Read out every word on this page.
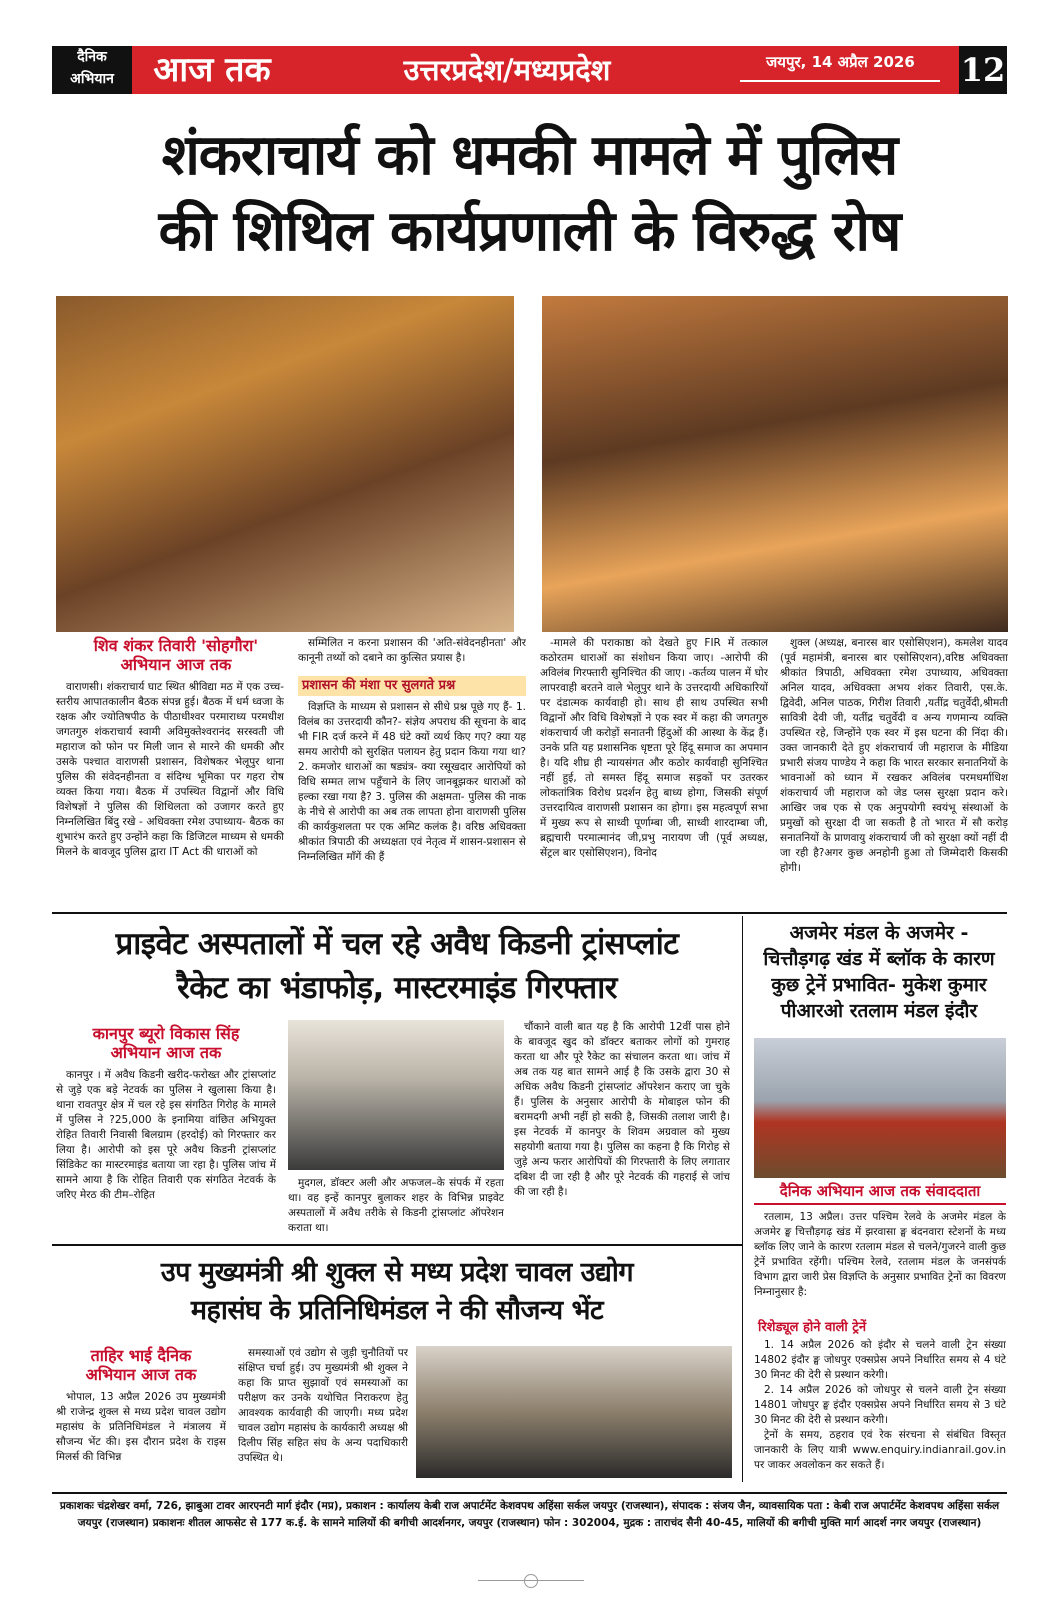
दैनिक
अभियान	आज तक	उत्तरप्रदेश/मध्यप्रदेश	जयपुर, 14 अप्रैल 2026	12
शंकराचार्य को धमकी मामले में पुलिस
की शिथिल कार्यप्रणाली के विरुद्ध रोष
शिव शंकर तिवारी 'सोहगौरा'
अभियान आज तक

वाराणसी। शंकराचार्य घाट स्थित श्रीविद्या मठ में एक उच्च-स्तरीय आपातकालीन बैठक संपन्न हुई। बैठक में धर्म ध्वजा के रक्षक और ज्योतिषपीठ के पीठाधीश्वर परमाराध्य परमधीश जगतगुरु शंकराचार्य स्वामी अविमुक्तेश्वरानंद सरस्वती जी महाराज को फोन पर मिली जान से मारने की धमकी और उसके पश्चात वाराणसी प्रशासन, विशेषकर भेलूपुर थाना पुलिस की संवेदनहीनता व संदिग्ध भूमिका पर गहरा रोष व्यक्त किया गया। बैठक में उपस्थित विद्वानों और विधि विशेषज्ञों ने पुलिस की शिथिलता को उजागर करते हुए निम्नलिखित बिंदु रखे - अधिवक्ता रमेश उपाध्याय- बैठक का शुभारंभ करते हुए उन्होंने कहा कि डिजिटल माध्यम से धमकी मिलने के बावजूद पुलिस द्वारा IT Act की धाराओं को

सम्मिलित न करना प्रशासन की 'अति-संवेदनहीनता' और कानूनी तथ्यों को दबाने का कुत्सित प्रयास है।

प्रशासन की मंशा पर सुलगते प्रश्न

विज्ञप्ति के माध्यम से प्रशासन से सीधे प्रश्न पूछे गए हैं- 1. विलंब का उत्तरदायी कौन?- संज्ञेय अपराध की सूचना के बाद भी FIR दर्ज करने में 48 घंटे क्यों व्यर्थ किए गए? क्या यह समय आरोपी को सुरक्षित पलायन हेतु प्रदान किया गया था? 2. कमजोर धाराओं का षड्यंत्र- क्या रसूखदार आरोपियों को विधि सम्मत लाभ पहुँचाने के लिए जानबूझकर धाराओं को हल्का रखा गया है? 3. पुलिस की अक्षमता- पुलिस की नाक के नीचे से आरोपी का अब तक लापता होना वाराणसी पुलिस की कार्यकुशलता पर एक अमिट कलंक है। वरिष्ठ अधिवक्ता श्रीकांत त्रिपाठी की अध्यक्षता एवं नेतृत्व में शासन-प्रशासन से निम्नलिखित माँगें की हैं

-मामले की पराकाष्ठा को देखते हुए FIR में तत्काल कठोरतम धाराओं का संशोधन किया जाए। -आरोपी की अविलंब गिरफ्तारी सुनिश्चित की जाए। -कर्तव्य पालन में घोर लापरवाही बरतने वाले भेलूपुर थाने के उत्तरदायी अधिकारियों पर दंडात्मक कार्यवाही हो। साथ ही साथ उपस्थित सभी विद्वानों और विधि विशेषज्ञों ने एक स्वर में कहा की जगतगुरु शंकराचार्य जी करोड़ों सनातनी हिंदुओं की आस्था के केंद्र हैं। उनके प्रति यह प्रशासनिक धृष्टता पूरे हिंदू समाज का अपमान है। यदि शीघ्र ही न्यायसंगत और कठोर कार्यवाही सुनिश्चित नहीं हुई, तो समस्त हिंदू समाज सड़कों पर उतरकर लोकतांत्रिक विरोध प्रदर्शन हेतु बाध्य होगा, जिसकी संपूर्ण उत्तरदायित्व वाराणसी प्रशासन का होगा। इस महत्वपूर्ण सभा में मुख्य रूप से साध्वी पूर्णाम्बा जी, साध्वी शारदाम्बा जी, ब्रह्मचारी परमात्मानंद जी,प्रभु नारायण जी (पूर्व अध्यक्ष, सेंट्रल बार एसोसिएशन), विनोद

शुक्ल (अध्यक्ष, बनारस बार एसोसिएशन), कमलेश यादव (पूर्व महामंत्री, बनारस बार एसोसिएशन),वरिष्ठ अधिवक्ता श्रीकांत त्रिपाठी, अधिवक्ता रमेश उपाध्याय, अधिवक्ता अनिल यादव, अधिवक्ता अभय शंकर तिवारी, एस.के. द्विवेदी, अनिल पाठक, गिरीश तिवारी ,यतींद्र चतुर्वेदी,श्रीमती सावित्री देवी जी, यतींद्र चतुर्वेदी व अन्य गणमान्य व्यक्ति उपस्थित रहे, जिन्होंने एक स्वर में इस घटना की निंदा की। उक्त जानकारी देते हुए शंकराचार्य जी महाराज के मीडिया प्रभारी संजय पाण्डेय ने कहा कि भारत सरकार सनातनियों के भावनाओं को ध्यान में रखकर अविलंब परमधर्माधिश शंकराचार्य जी महाराज को जेड प्लस सुरक्षा प्रदान करे।आखिर जब एक से एक अनुपयोगी स्वयंभू संस्थाओं के प्रमुखों को सुरक्षा दी जा सकती है तो भारत में सौ करोड़ सनातनियों के प्राणवायु शंकराचार्य जी को सुरक्षा क्यों नहीं दी जा रही है?अगर कुछ अनहोनी हुआ तो जिम्मेदारी किसकी होगी।

प्राइवेट अस्पतालों में चल रहे अवैध किडनी ट्रांसप्लांट
रैकेट का भंडाफोड़, मास्टरमाइंड गिरफ्तार
कानपुर ब्यूरो विकास सिंह
अभियान आज तक

कानपुर । में अवैध किडनी खरीद-फरोख्त और ट्रांसप्लांट से जुड़े एक बड़े नेटवर्क का पुलिस ने खुलासा किया है। थाना रावतपुर क्षेत्र में चल रहे इस संगठित गिरोह के मामले में पुलिस ने ?25,000 के इनामिया वांछित अभियुक्त रोहित तिवारी निवासी बिलग्राम (हरदोई) को गिरफ्तार कर लिया है। आरोपी को इस पूरे अवैध किडनी ट्रांसप्लांट सिंडिकेट का मास्टरमाइंड बताया जा रहा है। पुलिस जांच में सामने आया है कि रोहित तिवारी एक संगठित नेटवर्क के जरिए मेरठ की टीम–रोहित

मुदगल, डॉक्टर अली और अफजल–के संपर्क में रहता था। वह इन्हें कानपुर बुलाकर शहर के विभिन्न प्राइवेट अस्पतालों में अवैध तरीके से किडनी ट्रांसप्लांट ऑपरेशन कराता था।

चौंकाने वाली बात यह है कि आरोपी 12वीं पास होने के बावजूद खुद को डॉक्टर बताकर लोगों को गुमराह करता था और पूरे रैकेट का संचालन करता था। जांच में अब तक यह बात सामने आई है कि उसके द्वारा 30 से अधिक अवैध किडनी ट्रांसप्लांट ऑपरेशन कराए जा चुके हैं। पुलिस के अनुसार आरोपी के मोबाइल फोन की बरामदगी अभी नहीं हो सकी है, जिसकी तलाश जारी है। इस नेटवर्क में कानपुर के शिवम अग्रवाल को मुख्य सहयोगी बताया गया है। पुलिस का कहना है कि गिरोह से जुड़े अन्य फरार आरोपियों की गिरफ्तारी के लिए लगातार दबिश दी जा रही है और पूरे नेटवर्क की गहराई से जांच की जा रही है।

अजमेर मंडल के अजमेर -
चित्तौड़गढ़ खंड में ब्लॉक के कारण
कुछ ट्रेनें प्रभावित- मुकेश कुमार
पीआरओ रतलाम मंडल इंदौर
दैनिक अभियान आज तक संवाददाता

रतलाम, 13 अप्रैल। उत्तर पश्चिम रेलवे के अजमेर मंडल के अजमेर ङ्घ चित्तौड़गढ़ खंड में झरवासा ङ्घ बंदनवारा स्टेशनों के मध्य ब्लॉक लिए जाने के कारण रतलाम मंडल से चलने/गुजरने वाली कुछ ट्रेनें प्रभावित रहेंगी। पश्चिम रेलवे, रतलाम मंडल के जनसंपर्क विभाग द्वारा जारी प्रेस विज्ञप्ति के अनुसार प्रभावित ट्रेनों का विवरण निम्नानुसार है:

रिशेड्यूल होने वाली ट्रेनें

1. 14 अप्रैल 2026 को इंदौर से चलने वाली ट्रेन संख्या 14802 इंदौर ङ्घ जोधपुर एक्सप्रेस अपने निर्धारित समय से 4 घंटे 30 मिनट की देरी से प्रस्थान करेगी।

2. 14 अप्रैल 2026 को जोधपुर से चलने वाली ट्रेन संख्या 14801 जोधपुर ङ्घ इंदौर एक्सप्रेस अपने निर्धारित समय से 3 घंटे 30 मिनट की देरी से प्रस्थान करेगी।

ट्रेनों के समय, ठहराव एवं रेक संरचना से संबंधित विस्तृत जानकारी के लिए यात्री www.enquiry.indianrail.gov.in पर जाकर अवलोकन कर सकते हैं।

उप मुख्यमंत्री श्री शुक्ल से मध्य प्रदेश चावल उद्योग
महासंघ के प्रतिनिधिमंडल ने की सौजन्य भेंट
ताहिर भाई दैनिक
अभियान आज तक

भोपाल, 13 अप्रैल 2026 उप मुख्यमंत्री श्री राजेन्द्र शुक्ल से मध्य प्रदेश चावल उद्योग महासंघ के प्रतिनिधिमंडल ने मंत्रालय में सौजन्य भेंट की। इस दौरान प्रदेश के राइस मिलर्स की विभिन्न

समस्याओं एवं उद्योग से जुड़ी चुनौतियों पर संक्षिप्त चर्चा हुई। उप मुख्यमंत्री श्री शुक्ल ने कहा कि प्राप्त सुझावों एवं समस्याओं का परीक्षण कर उनके यथोचित निराकरण हेतु आवश्यक कार्यवाही की जाएगी। मध्य प्रदेश चावल उद्योग महासंघ के कार्यकारी अध्यक्ष श्री दिलीप सिंह सहित संघ के अन्य पदाधिकारी उपस्थित थे।

प्रकाशकः चंद्रशेखर वर्मा, 726, झाबुआ टावर आरएनटी मार्ग इंदौर (मप्र), प्रकाशन : कार्यालय केबी राज अपार्टमेंट केशवपथ अहिंसा सर्कल जयपुर (राजस्थान), संपादक : संजय जैन, व्यावसायिक पता : केबी राज अपार्टमेंट केशवपथ अहिंसा सर्कल
जयपुर (राजस्थान) प्रकाशनः शीतल आफसेट से 177 क.ई. के सामने मालियों की बगीची आदर्शनगर, जयपुर (राजस्थान) फोन : 302004, मुद्रक : ताराचंद सैनी 40-45, मालियों की बगीची मुक्ति मार्ग आदर्श नगर जयपुर (राजस्थान)
